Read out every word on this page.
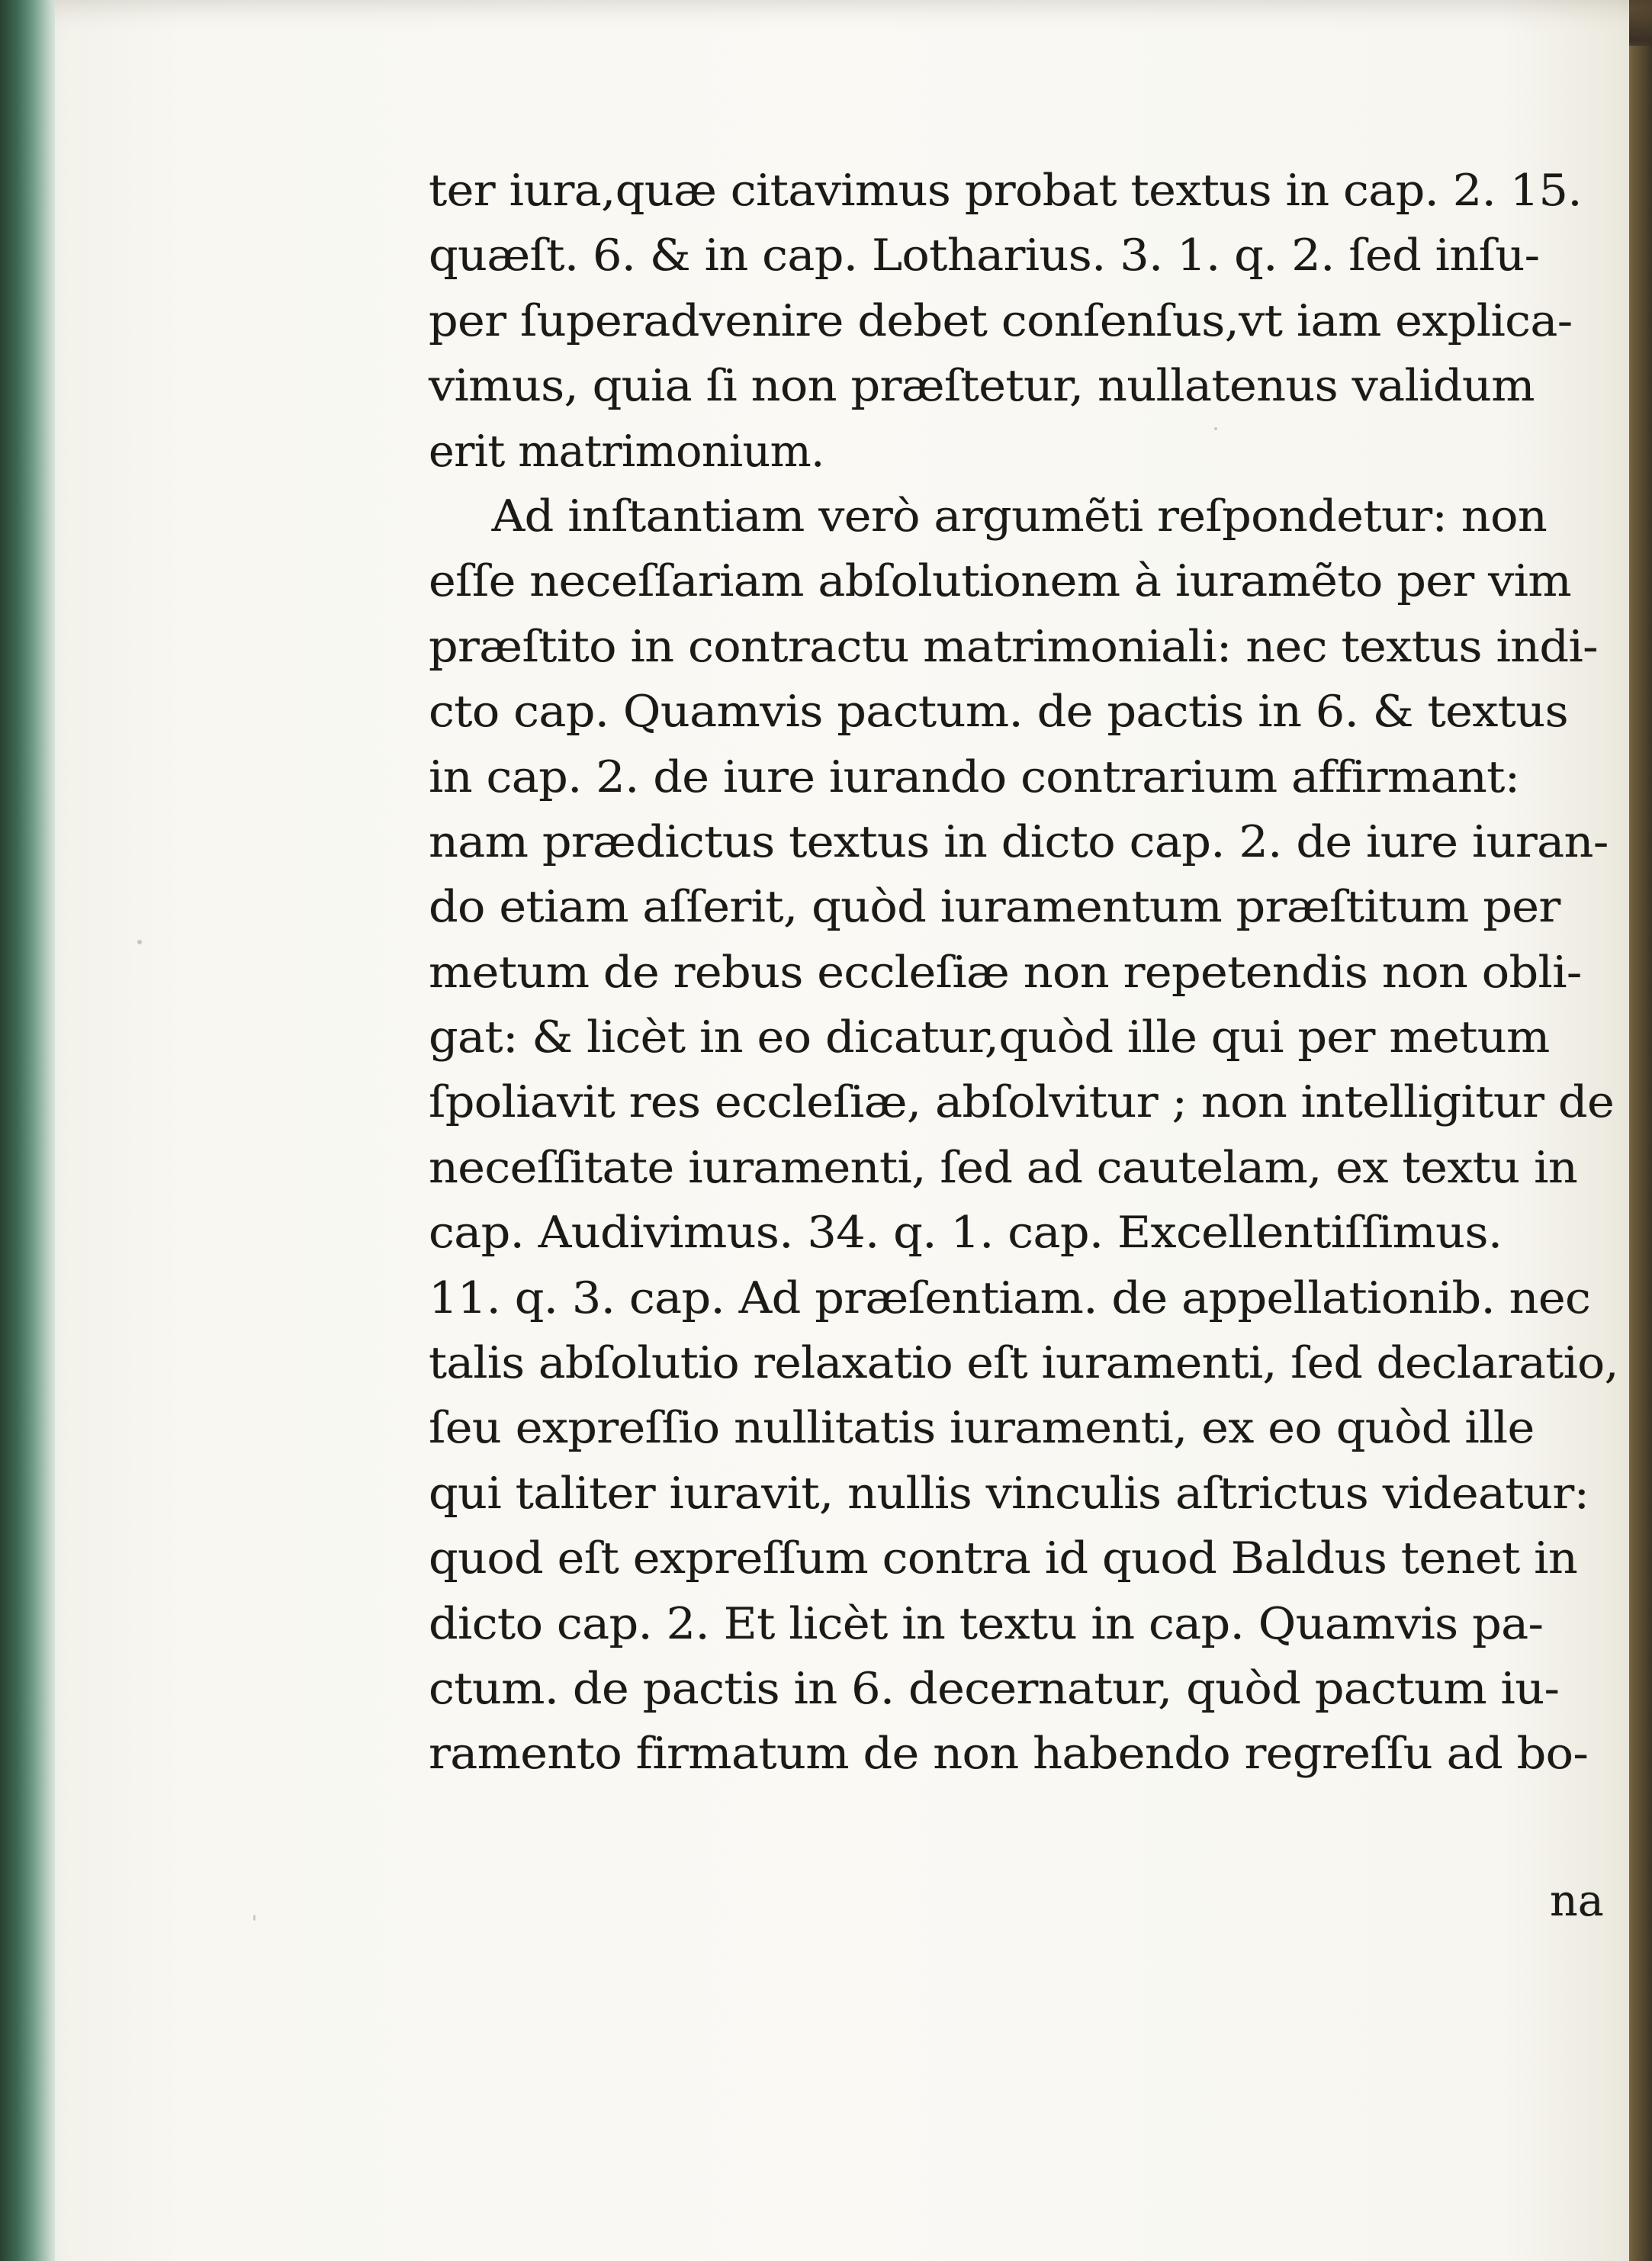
ter iura,quæ citavimus probat textus in cap. 2. 15.
quæſt. 6. & in cap. Lotharius. 3. 1. q. 2. ſed inſu-
per ſuperadvenire debet conſenſus,vt iam explica-
vimus, quia ſi non præſtetur, nullatenus validum
erit matrimonium.
Ad inſtantiam verò argumẽti reſpondetur: non
eſſe neceſſariam abſolutionem à iuramẽto per vim
præſtito in contractu matrimoniali: nec textus indi-
cto cap. Quamvis pactum. de pactis in 6. & textus
in cap. 2. de iure iurando contrarium affirmant:
nam prædictus textus in dicto cap. 2. de iure iuran-
do etiam aſſerit, quòd iuramentum præſtitum per
metum de rebus eccleſiæ non repetendis non obli-
gat: & licèt in eo dicatur,quòd ille qui per metum
ſpoliavit res eccleſiæ, abſolvitur ; non intelligitur de
neceſſitate iuramenti, ſed ad cautelam, ex textu in
cap. Audivimus. 34. q. 1. cap. Excellentiſſimus.
11. q. 3. cap. Ad præſentiam. de appellationib. nec
talis abſolutio relaxatio eſt iuramenti, ſed declaratio,
ſeu expreſſio nullitatis iuramenti, ex eo quòd ille
qui taliter iuravit, nullis vinculis aſtrictus videatur:
quod eſt expreſſum contra id quod Baldus tenet in
dicto cap. 2. Et licèt in textu in cap. Quamvis pa-
ctum. de pactis in 6. decernatur, quòd pactum iu-
ramento firmatum de non habendo regreſſu ad bo-
na
